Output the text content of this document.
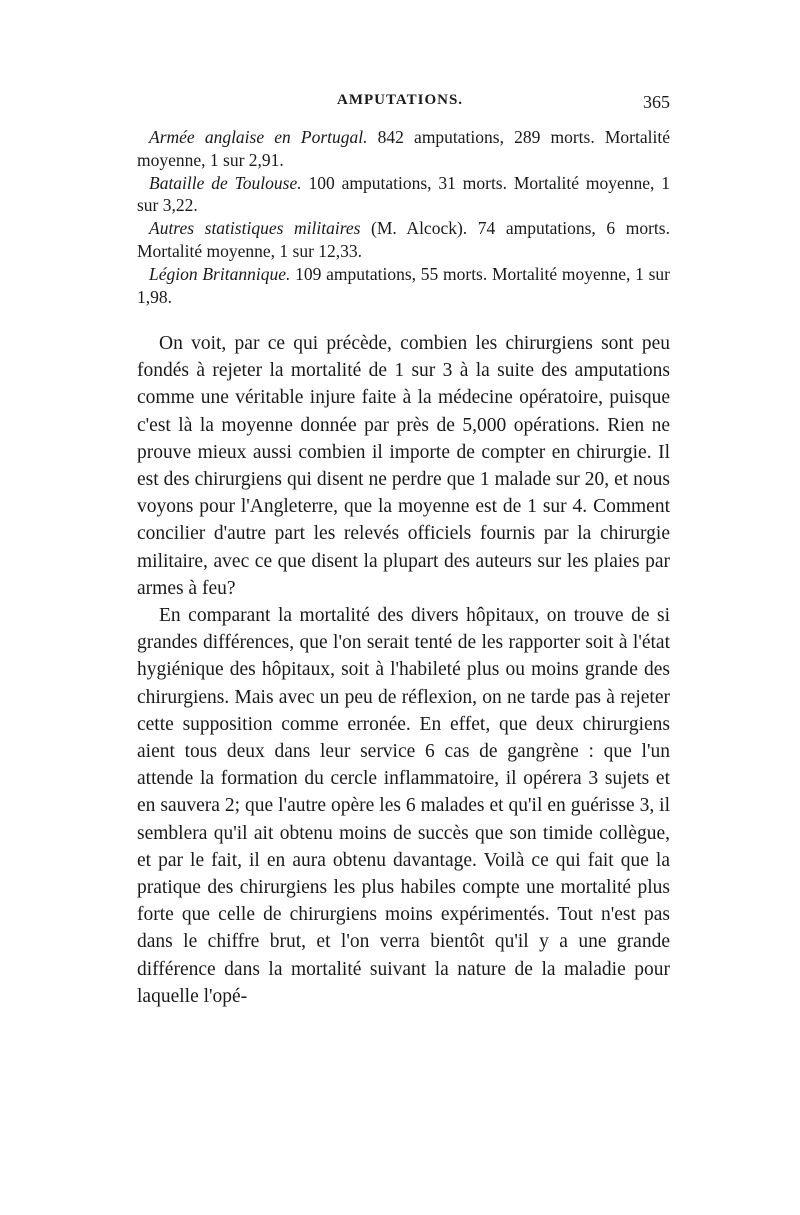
AMPUTATIONS.	365

Armée anglaise en Portugal. 842 amputations, 289 morts. Mortalité moyenne, 1 sur 2,91.

Bataille de Toulouse. 100 amputations, 31 morts. Mortalité moyenne, 1 sur 3,22.

Autres statistiques militaires (M. Alcock). 74 amputations, 6 morts. Mortalité moyenne, 1 sur 12,33.

Légion Britannique. 109 amputations, 55 morts. Mortalité moyenne, 1 sur 1,98.

On voit, par ce qui précède, combien les chirurgiens sont peu fondés à rejeter la mortalité de 1 sur 3 à la suite des amputations comme une véritable injure faite à la médecine opératoire, puisque c'est là la moyenne donnée par près de 5,000 opérations. Rien ne prouve mieux aussi combien il importe de compter en chirurgie. Il est des chirurgiens qui disent ne perdre que 1 malade sur 20, et nous voyons pour l'Angleterre, que la moyenne est de 1 sur 4. Comment concilier d'autre part les relevés officiels fournis par la chirurgie militaire, avec ce que disent la plupart des auteurs sur les plaies par armes à feu?

En comparant la mortalité des divers hôpitaux, on trouve de si grandes différences, que l'on serait tenté de les rapporter soit à l'état hygiénique des hôpitaux, soit à l'habileté plus ou moins grande des chirurgiens. Mais avec un peu de réflexion, on ne tarde pas à rejeter cette supposition comme erronée. En effet, que deux chirurgiens aient tous deux dans leur service 6 cas de gangrène : que l'un attende la formation du cercle inflammatoire, il opérera 3 sujets et en sauvera 2; que l'autre opère les 6 malades et qu'il en guérisse 3, il semblera qu'il ait obtenu moins de succès que son timide collègue, et par le fait, il en aura obtenu davantage. Voilà ce qui fait que la pratique des chirurgiens les plus habiles compte une mortalité plus forte que celle de chirurgiens moins expérimentés. Tout n'est pas dans le chiffre brut, et l'on verra bientôt qu'il y a une grande différence dans la mortalité suivant la nature de la maladie pour laquelle l'opé-
